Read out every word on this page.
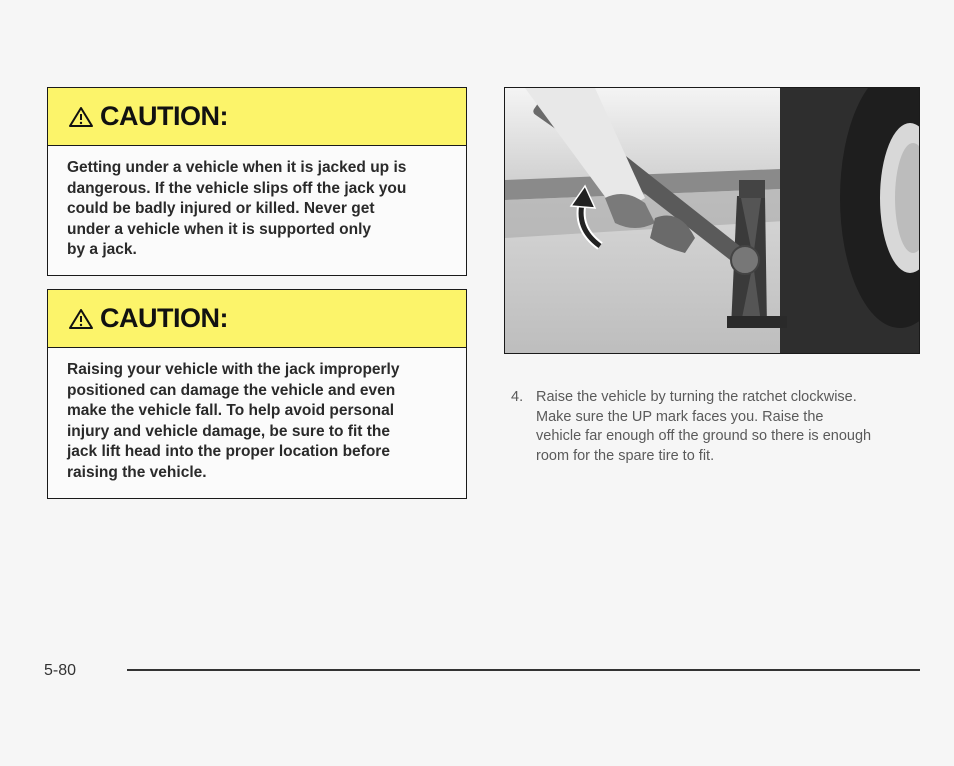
CAUTION:
Getting under a vehicle when it is jacked up is
dangerous. If the vehicle slips off the jack you
could be badly injured or killed. Never get
under a vehicle when it is supported only
by a jack.
CAUTION:
Raising your vehicle with the jack improperly
positioned can damage the vehicle and even
make the vehicle fall. To help avoid personal
injury and vehicle damage, be sure to fit the
jack lift head into the proper location before
raising the vehicle.
4. Raise the vehicle by turning the ratchet clockwise.
Make sure the UP mark faces you. Raise the
vehicle far enough off the ground so there is enough
room for the spare tire to fit.
5-80
